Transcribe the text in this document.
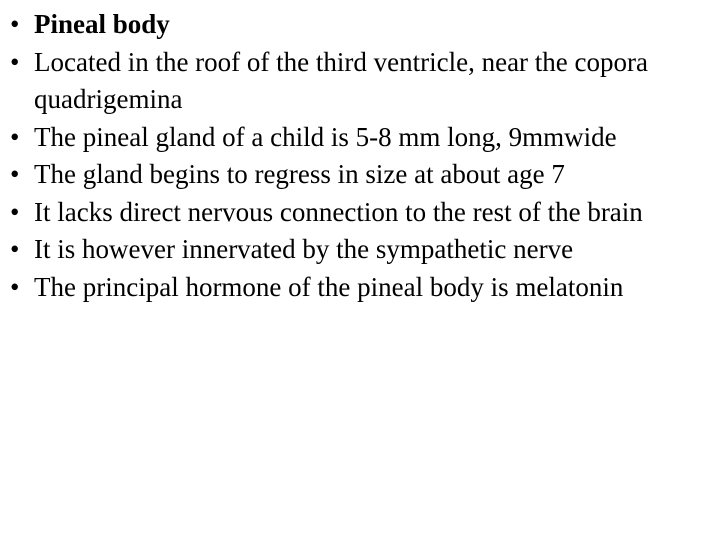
• Pineal body
• Located in the roof of the third ventricle, near the copora quadrigemina
• The pineal gland of a child is 5-8 mm long, 9mmwide
• The gland begins to regress in size at about age 7
• It lacks direct nervous connection to the rest of the brain
• It is however innervated by the sympathetic nerve
• The principal hormone of the pineal body is melatonin
